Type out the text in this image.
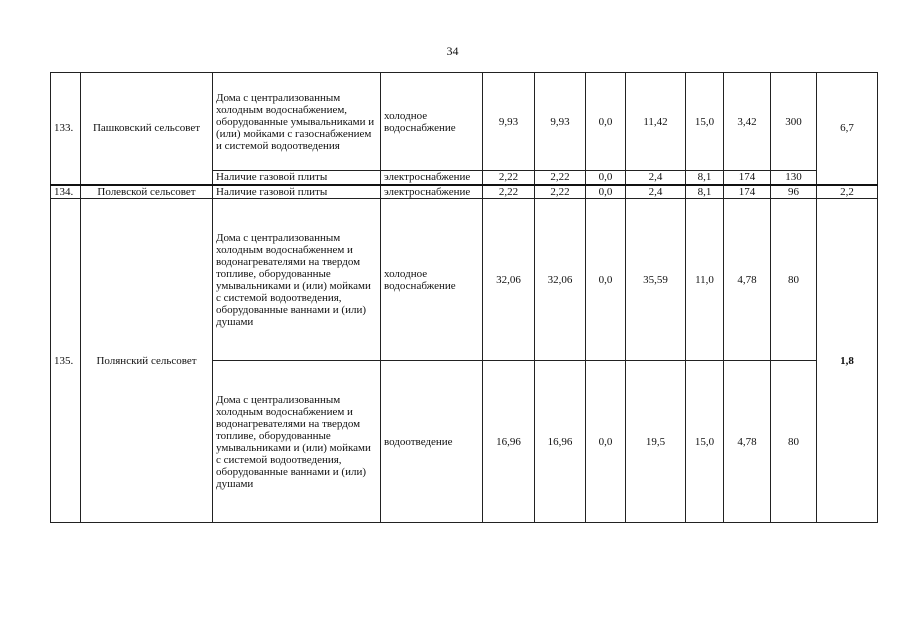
34
133.	Пашковский сельсовет	Дома с централизованным холодным водоснабжением, оборудованные умывальниками и (или) мойками с газоснабжением и системой водоотведения	холодное водоснабжение	9,93	9,93	0,0	11,42	15,0	3,42	300	6,7
		Наличие газовой плиты	электроснабжение	2,22	2,22	0,0	2,4	8,1	174	130	
134.	Полевской сельсовет	Наличие газовой плиты	электроснабжение	2,22	2,22	0,0	2,4	8,1	174	96	2,2
135.	Полянский сельсовет	Дома с централизованным холодным водоснабженнем и водонагревателями на твердом топливе, оборудованные умывальниками и (или) мойками с системой водоотведения, оборудованные ваннами и (или) душами	холодное водоснабжение	32,06	32,06	0,0	35,59	11,0	4,78	80	1,8
		Дома с централизованным холодным водоснабжением и водонагревателями на твердом топливе, оборудованные умывальниками и (или) мойками с системой водоотведения, оборудованные ваннами и (или) душами	водоотведение	16,96	16,96	0,0	19,5	15,0	4,78	80	
